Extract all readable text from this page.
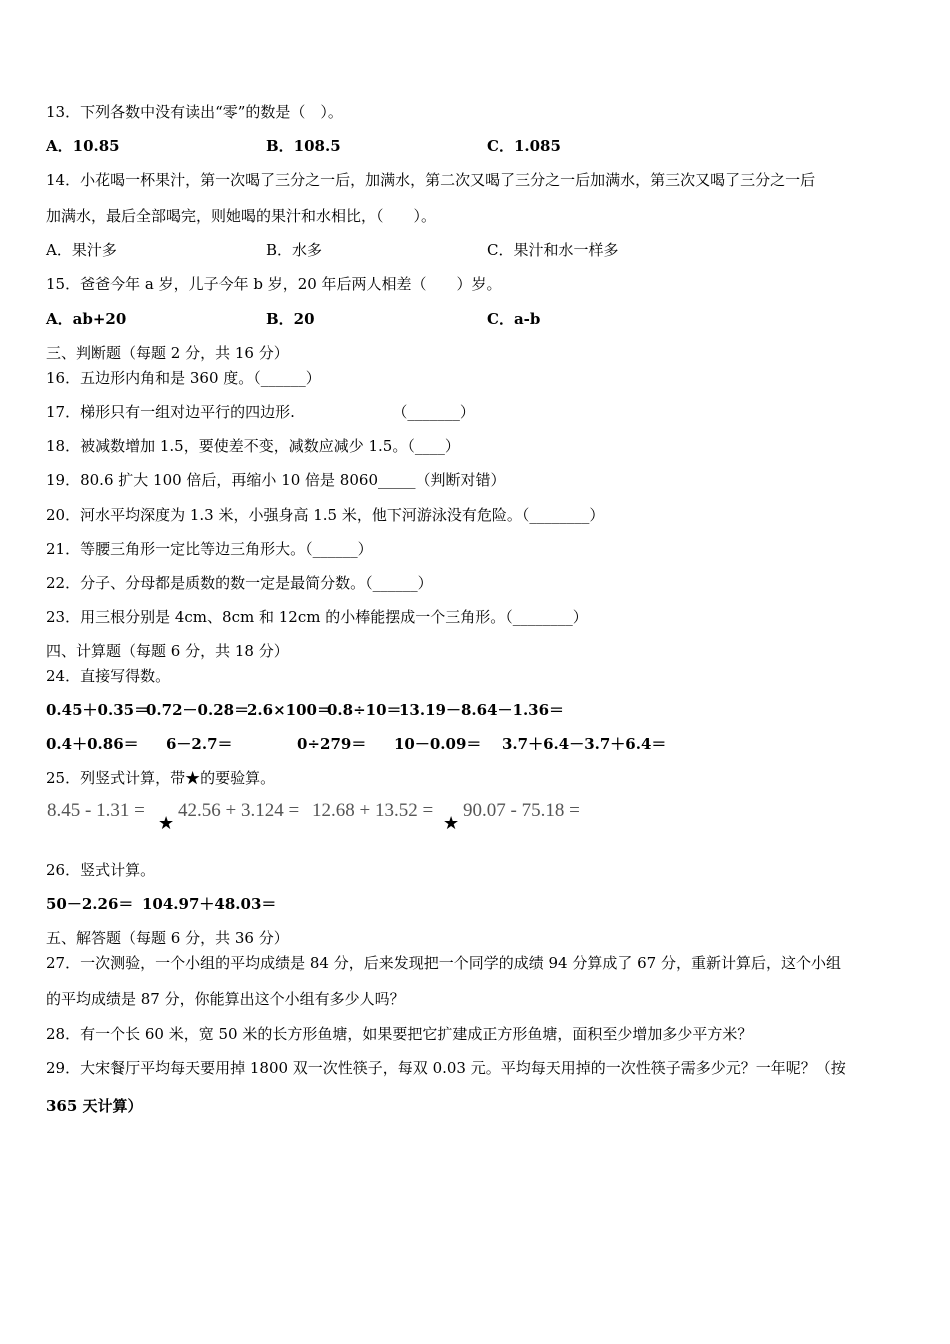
13．下列各数中没有读出“零”的数是（　）。
A．10.85	B．108.5	C．1.085
14．小花喝一杯果汁，第一次喝了三分之一后，加满水，第二次又喝了三分之一后加满水，第三次又喝了三分之一后
加满水，最后全部喝完，则她喝的果汁和水相比，（　　）。
A．果汁多	B．水多	C．果汁和水一样多
15．爸爸今年 a 岁，儿子今年 b 岁，20 年后两人相差（　　）岁。
A．ab+20	B．20	C．a-b
三、判断题（每题 2 分，共 16 分）
16．五边形内角和是 360 度。（______）
17．梯形只有一组对边平行的四边形.　　　　　　　（_______）
18．被减数增加 1.5，要使差不变，减数应减少 1.5。（____）
19．80.6 扩大 100 倍后，再缩小 10 倍是 8060_____（判断对错）
20．河水平均深度为 1.3 米，小强身高 1.5 米，他下河游泳没有危险。（________）
21．等腰三角形一定比等边三角形大。（______）
22．分子、分母都是质数的数一定是最简分数。（______）
23．用三根分别是 4cm、8cm 和 12cm 的小棒能摆成一个三角形。（________）
四、计算题（每题 6 分，共 18 分）
24．直接写得数。
0.45＋0.35＝
0.72－0.28＝
2.6×100＝
0.8÷10＝
13.19－8.64－1.36＝
0.4＋0.86＝ 6－2.7＝	0÷279＝ 10－0.09＝ 3.7＋6.4－3.7＋6.4＝
25．列竖式计算，带★的要验算。
8.45 - 1.31 =
★
42.56 + 3.124 = 12.68 + 13.52 =
★
90.07 - 75.18 =
26．竖式计算。
50－2.26＝ 104.97＋48.03＝
五、解答题（每题 6 分，共 36 分）
27．一次测验，一个小组的平均成绩是 84 分，后来发现把一个同学的成绩 94 分算成了 67 分，重新计算后，这个小组
的平均成绩是 87 分，你能算出这个小组有多少人吗？
28．有一个长 60 米，宽 50 米的长方形鱼塘，如果要把它扩建成正方形鱼塘，面积至少增加多少平方米？
29．大宋餐厅平均每天要用掉 1800 双一次性筷子，每双 0.03 元。平均每天用掉的一次性筷子需多少元？一年呢？（按
365 天计算）
